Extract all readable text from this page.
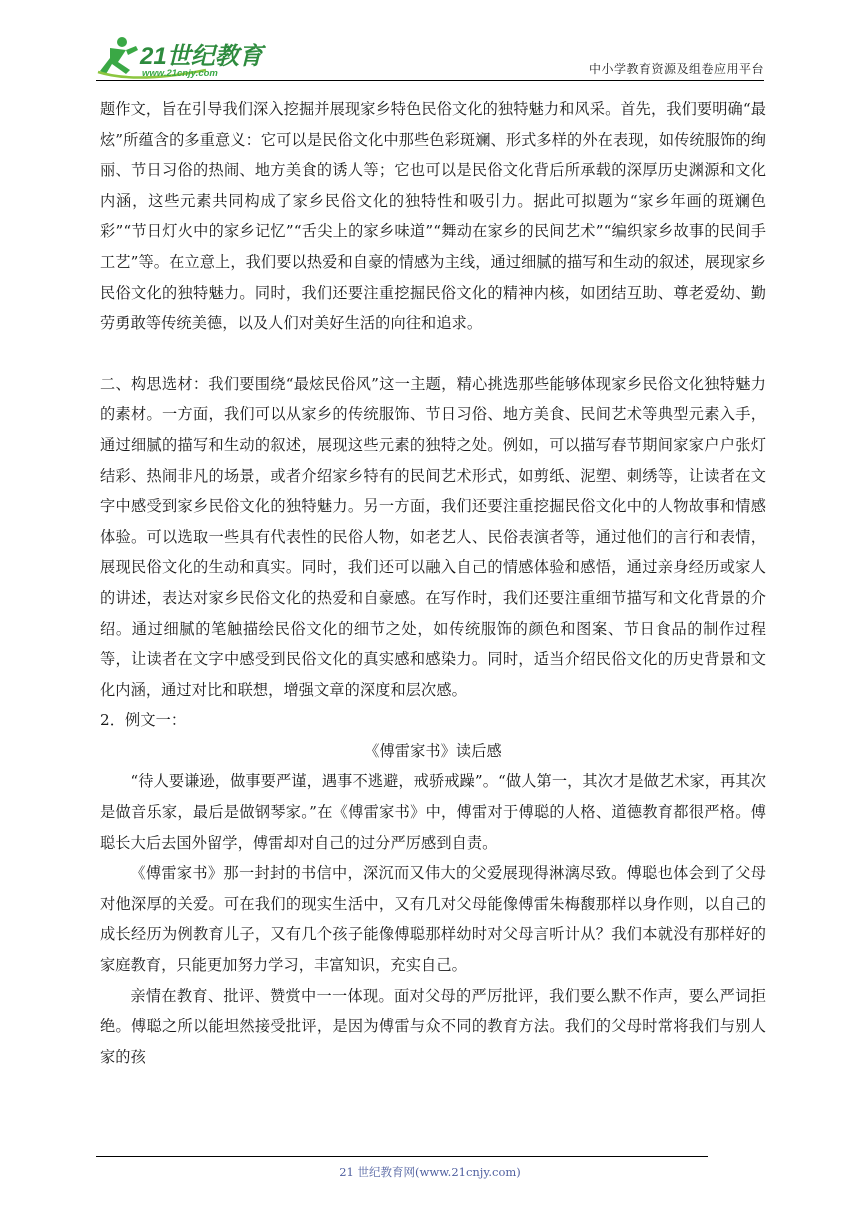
21世纪教育
www.21cnjy.com	中小学教育资源及组卷应用平台

题作文，旨在引导我们深入挖掘并展现家乡特色民俗文化的独特魅力和风采。首先，我们要明确“最炫”所蕴含的多重意义：它可以是民俗文化中那些色彩斑斓、形式多样的外在表现，如传统服饰的绚丽、节日习俗的热闹、地方美食的诱人等；它也可以是民俗文化背后所承载的深厚历史渊源和文化内涵，这些元素共同构成了家乡民俗文化的独特性和吸引力。据此可拟题为“家乡年画的斑斓色彩”“节日灯火中的家乡记忆”“舌尖上的家乡味道”“舞动在家乡的民间艺术”“编织家乡故事的民间手工艺”等。在立意上，我们要以热爱和自豪的情感为主线，通过细腻的描写和生动的叙述，展现家乡民俗文化的独特魅力。同时，我们还要注重挖掘民俗文化的精神内核，如团结互助、尊老爱幼、勤劳勇敢等传统美德，以及人们对美好生活的向往和追求。

二、构思选材：我们要围绕“最炫民俗风”这一主题，精心挑选那些能够体现家乡民俗文化独特魅力的素材。一方面，我们可以从家乡的传统服饰、节日习俗、地方美食、民间艺术等典型元素入手，通过细腻的描写和生动的叙述，展现这些元素的独特之处。例如，可以描写春节期间家家户户张灯结彩、热闹非凡的场景，或者介绍家乡特有的民间艺术形式，如剪纸、泥塑、刺绣等，让读者在文字中感受到家乡民俗文化的独特魅力。另一方面，我们还要注重挖掘民俗文化中的人物故事和情感体验。可以选取一些具有代表性的民俗人物，如老艺人、民俗表演者等，通过他们的言行和表情，展现民俗文化的生动和真实。同时，我们还可以融入自己的情感体验和感悟，通过亲身经历或家人的讲述，表达对家乡民俗文化的热爱和自豪感。在写作时，我们还要注重细节描写和文化背景的介绍。通过细腻的笔触描绘民俗文化的细节之处，如传统服饰的颜色和图案、节日食品的制作过程等，让读者在文字中感受到民俗文化的真实感和感染力。同时，适当介绍民俗文化的历史背景和文化内涵，通过对比和联想，增强文章的深度和层次感。

2．例文一：

《傅雷家书》读后感

“待人要谦逊，做事要严谨，遇事不逃避，戒骄戒躁”。“做人第一，其次才是做艺术家，再其次是做音乐家，最后是做钢琴家。”在《傅雷家书》中，傅雷对于傅聪的人格、道德教育都很严格。傅聪长大后去国外留学，傅雷却对自己的过分严厉感到自责。

《傅雷家书》那一封封的书信中，深沉而又伟大的父爱展现得淋漓尽致。傅聪也体会到了父母对他深厚的关爱。可在我们的现实生活中，又有几对父母能像傅雷朱梅馥那样以身作则，以自己的成长经历为例教育儿子，又有几个孩子能像傅聪那样幼时对父母言听计从？我们本就没有那样好的家庭教育，只能更加努力学习，丰富知识，充实自己。

亲情在教育、批评、赞赏中一一体现。面对父母的严厉批评，我们要么默不作声，要么严词拒绝。傅聪之所以能坦然接受批评，是因为傅雷与众不同的教育方法。我们的父母时常将我们与别人家的孩

21 世纪教育网(www.21cnjy.com)
